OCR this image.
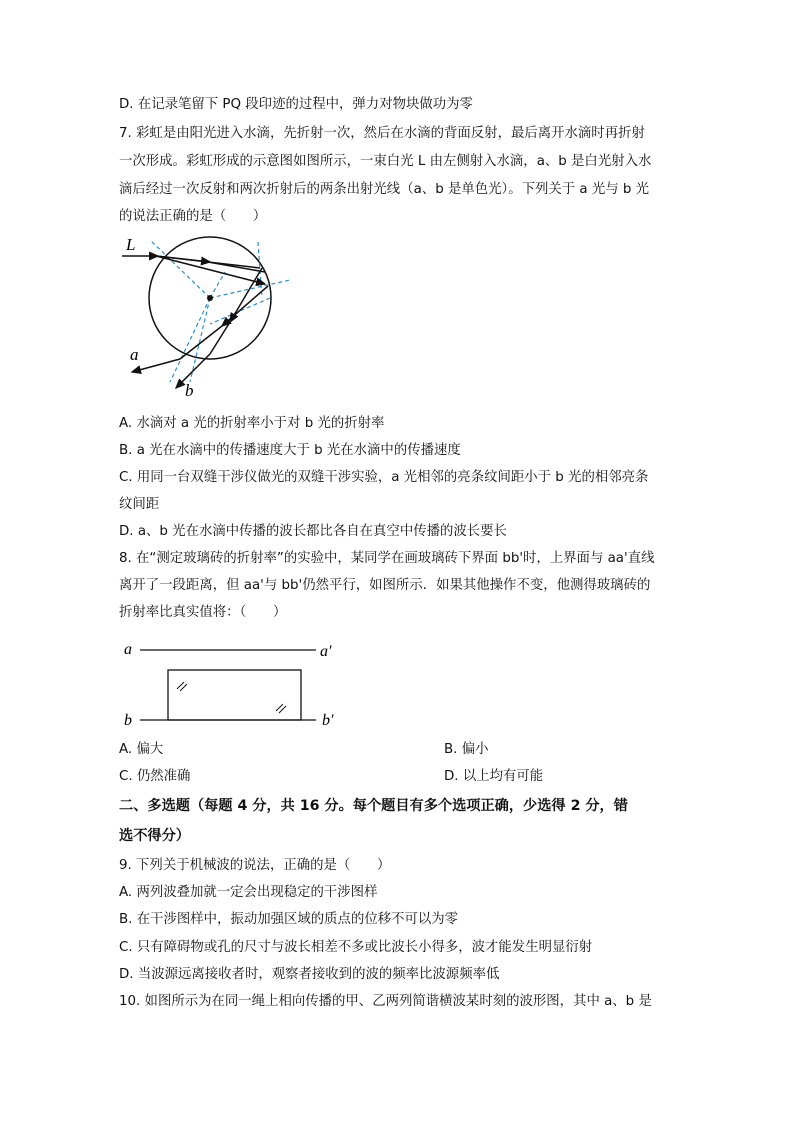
D. 在记录笔留下 PQ 段印迹的过程中，弹力对物块做功为零
7. 彩虹是由阳光进入水滴，先折射一次，然后在水滴的背面反射，最后离开水滴时再折射
一次形成。彩虹形成的示意图如图所示，一束白光 L 由左侧射入水滴，a、b 是白光射入水
滴后经过一次反射和两次折射后的两条出射光线（a、b 是单色光）。下列关于 a 光与 b 光
的说法正确的是（　　）
L
a
b
A. 水滴对 a 光的折射率小于对 b 光的折射率
B. a 光在水滴中的传播速度大于 b 光在水滴中的传播速度
C. 用同一台双缝干涉仪做光的双缝干涉实验，a 光相邻的亮条纹间距小于 b 光的相邻亮条
纹间距
D. a、b 光在水滴中传播的波长都比各自在真空中传播的波长要长
8. 在“测定玻璃砖的折射率”的实验中，某同学在画玻璃砖下界面 bb'时，上界面与 aa'直线
离开了一段距离，但 aa'与 bb'仍然平行，如图所示．如果其他操作不变，他测得玻璃砖的
折射率比真实值将：（　　）
a	a′
b	b′
A. 偏大	B. 偏小
C. 仍然准确	D. 以上均有可能
二、多选题（每题 4 分，共 16 分。每个题目有多个选项正确，少选得 2 分，错
选不得分）
9. 下列关于机械波的说法，正确的是（　　）
A. 两列波叠加就一定会出现稳定的干涉图样
B. 在干涉图样中，振动加强区域的质点的位移不可以为零
C. 只有障碍物或孔的尺寸与波长相差不多或比波长小得多，波才能发生明显衍射
D. 当波源远离接收者时，观察者接收到的波的频率比波源频率低
10. 如图所示为在同一绳上相向传播的甲、乙两列简谐横波某时刻的波形图，其中 a、b 是
